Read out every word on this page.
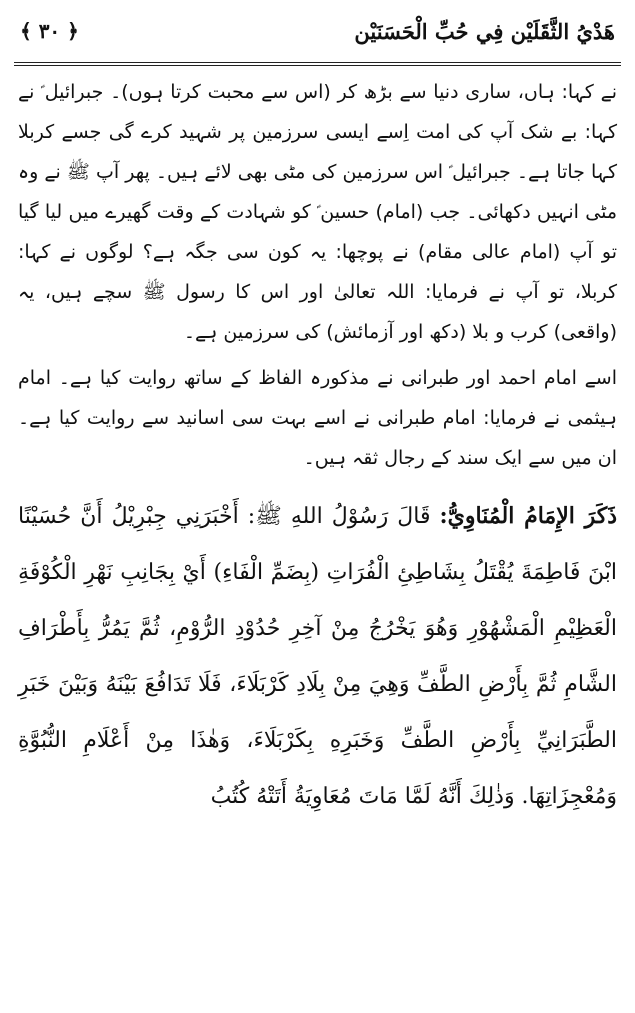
هَدْيُ الثَّقَلَيْن فِي حُبِّ الْحَسَنَيْن
﴿ ۳۰ ﴾

نے کہا: ہاں، ساری دنیا سے بڑھ کر (اس سے محبت کرتا ہوں)۔ جبرائیل ؑ نے کہا: بے شک آپ کی امت اِسے ایسی سرزمین پر شہید کرے گی جسے کربلا کہا جاتا ہے۔ جبرائیل ؑ اس سرزمین کی مٹی بھی لائے ہیں۔ پھر آپ ﷺ نے وہ مٹی انہیں دکھائی۔ جب (امام) حسین ؑ کو شہادت کے وقت گھیرے میں لیا گیا تو آپ (امام عالی مقام) نے پوچھا: یہ کون سی جگہ ہے؟ لوگوں نے کہا: کربلا، تو آپ نے فرمایا: اللہ تعالیٰ اور اس کا رسول ﷺ سچے ہیں، یہ (واقعی) کرب و بلا (دکھ اور آزمائش) کی سرزمین ہے۔

اسے امام احمد اور طبرانی نے مذکورہ الفاظ کے ساتھ روایت کیا ہے۔ امام ہیثمی نے فرمایا: امام طبرانی نے اسے بہت سی اسانید سے روایت کیا ہے۔ ان میں سے ایک سند کے رجال ثقہ ہیں۔

ذَكَرَ الإِمَامُ الْمُنَاوِيُّ: قَالَ رَسُوْلُ اللهِ ﷺ: أَخْبَرَنِي جِبْرِيْلُ أَنَّ حُسَيْنًا ابْنَ فَاطِمَةَ يُقْتَلُ بِشَاطِئِ الْفُرَاتِ (بِضَمِّ الْفَاءِ) أَيْ بِجَانِبِ نَهْرِ الْكُوْفَةِ الْعَظِيْمِ الْمَشْهُوْرِ وَهُوَ يَخْرُجُ مِنْ آخِرِ حُدُوْدِ الرُّوْمِ، ثُمَّ يَمُرُّ بِأَطْرَافِ الشَّامِ ثُمَّ بِأَرْضِ الطَّفِّ وَهِيَ مِنْ بِلَادِ كَرْبَلَاءَ، فَلَا تَدَافُعَ بَيْنَهُ وَبَيْنَ خَبَرِ الطَّبَرَانِيِّ بِأَرْضِ الطَّفِّ وَخَبَرِهِ بِكَرْبَلَاءَ، وَهٰذَا مِنْ أَعْلَامِ النُّبُوَّةِ وَمُعْجِزَاتِهَا. وَذٰلِكَ أَنَّهُ لَمَّا مَاتَ مُعَاوِيَةُ أَتَتْهُ كُتُبُ
